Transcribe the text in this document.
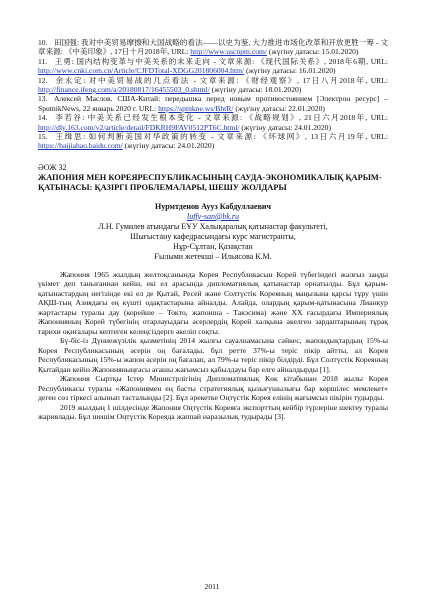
10. 田国强: 我对中美贸易摩擦和大国战略的看法——以史为鉴, 大力推进市场化改革和开放更胜一筹 - 文章来源: 《中美印象》, 17日十月2018年, URL: http://www.uscnpm.com/ (жүгіну датасы: 15.01.2020)
11. 王勇: 国内结构变革与中美关系的未来走向 - 文章来源: 《现代国际关系》, 2018年6期, URL: http://www.cnki.com.cn/Article/CJFDTotal-XDGG201806004.htm/ (жүгіну датасы: 16.01.2020)
12. 余永定: 对中美贸易战的几点看法 - 文章来源: 《财经观察》, 17日八月2018年, URL: http://finance.ifeng.com/a/20180817/16455503_0.shtml/ (жүгіну датасы: 18.01.2020)
13. Алексей Маслов. США-Китай: передышка перед новым противостоянием [Электрон ресурс] – SputnikNews, 22 январь 2020 г. URL: https://sptnkne.ws/BhtR/ (жүгіну датасы: 22.01.2020)
14. 李若谷: 中美关系已经发生根本变化 - 文章来源: 《战略规划》, 21日六月2018年, URL: http://dly.163.com/v2/article/detail/FDKRH9FAV0512PT6C.html/ (жүгіну датасы: 24.01.2020)
15. 王缉思: 如何判断美国对华政策的转变 - 文章来源: 《环球网》, 13日六月19年, URL: https://baijiahao.baidu.com/ (жүгіну датасы: 24.01.2020)
ӘОЖ 32
ЖАПОНИЯ МЕН КОРЕЯРЕСПУБЛИКАСЫНЫҢ САУДА-ЭКОНОМИКАЛЫҚ ҚАРЫМ-ҚАТЫНАСЫ: ҚАЗІРГІ ПРОБЛЕМАЛАРЫ, ШЕШУ ЖОЛДАРЫ
Нурмтденов Аууз Кабдуллаевич
luffy-san@bk.ru
Л.Н. Гумилев атындағы ЕҰУ Халықаралық қатынастар факультеті,
Шығыстану кафедрасындағы курс магистранты,
Нұр-Сұлтан, Қазақстан
Ғылыми жетекші – Ильясова К.М.

Жапония 1965 жылдың желтоқсанында Корея Республикасын Корей түбегіндегі жалғыз заңды үкімет деп танығаннан кейін, екі ел арасында дипломатиялық қатынастар орнатылды. Бұл қарым-қатынастардың негізінде екі ел де Қытай, Ресей және Солтүстік Кореяның маңызына қарсы тұру үшін АҚШ-тың Азиядағы ең күшті одақтастарына айналды. Алайда, олардың қарым-қатынасына Лианкур жартастары туралы дау (корейше – Токто, жапонша - Такэсима) және XX ғасырдағы Империялық Жапонияның Корей түбегінің отарлауыдағы әсерлердің Корей халқына әкелген зардаптарының тұрақ тарихи оқиғалары кептеген келеңсіздерге әкеліп соқты.

Бү-біс-із Дүниежүзілік қызметінің 2014 жылғы сауалнамасына сәйкес, жапондықтардың 15%-ы Корея Республикасының әсерін оң бағалады, бұл ретте 37%-ы теріс пікір айтты, ал Корея Республикасының 15%-ы жапон әсерін оң бағалап, ал 79%-ы теріс пікір білдірді. Бұл Солтүстік Кореяның Қытайдан кейін Жапонияныңғасы ағашы жағымсыз қабылдауы бар елге айналдырды [1].

Жапония Сыртқы Істер Министрлігінің Дипломатиялық Көк кітабынан 2018 жылы Корея Республикасы туралы «Жапониямен ең басты стратегиялық қызығушылығы бар көршілес мемлекет» деген сөз тіркесі алынып тасталынды [2]. Бұл әрекетке Оңтүстік Корея елінің жағымсыз пікірін тудырды.

2019 жылдың 1 шілдесінде Жапония Оңтүстік Кореяға экспорттың кейбір түрлеріне шектеу туралы жариялады. Бұл шешім Оңтүстік Кореяда жаппай наразылық тудырады [3].

2011
